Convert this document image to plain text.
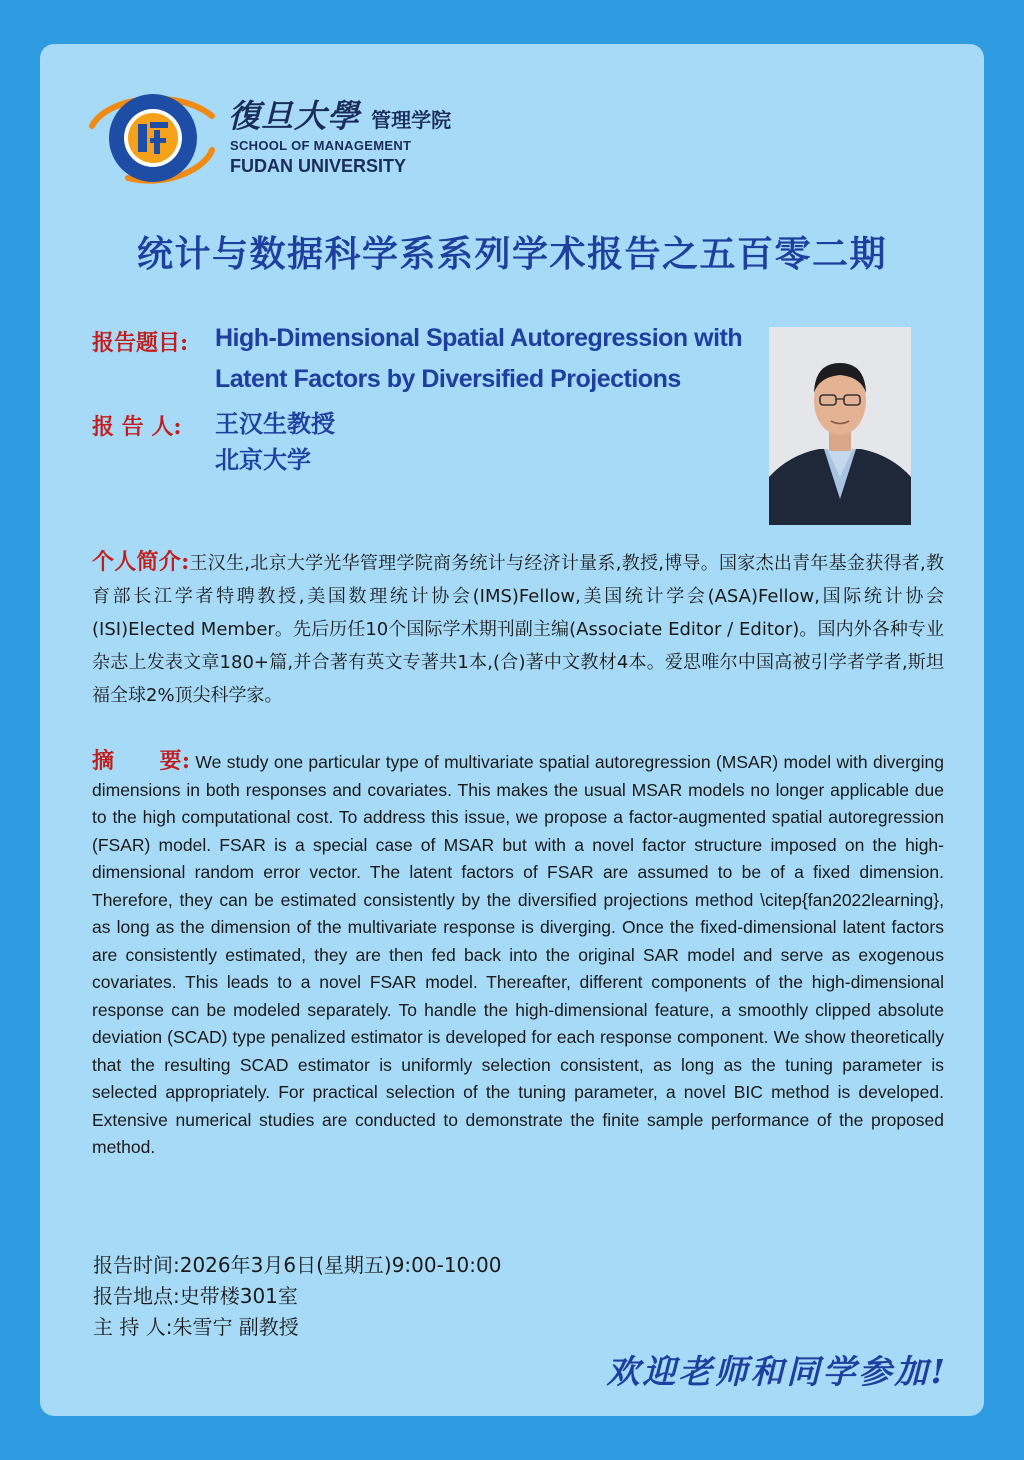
復旦大學 管理学院
SCHOOL OF MANAGEMENT
FUDAN UNIVERSITY
统计与数据科学系系列学术报告之五百零二期
报告题目: High-Dimensional Spatial Autoregression with
Latent Factors by Diversified Projections
报 告 人: 王汉生教授
北京大学
个人简介:王汉生,北京大学光华管理学院商务统计与经济计量系,教授,博导。国家杰出青年基金获得者,教育部长江学者特聘教授,美国数理统计协会(IMS)Fellow,美国统计学会(ASA)Fellow,国际统计协会(ISI)Elected Member。先后历任10个国际学术期刊副主编(Associate Editor / Editor)。国内外各种专业杂志上发表文章180+篇,并合著有英文专著共1本,(合)著中文教材4本。爱思唯尔中国高被引学者学者,斯坦福全球2%顶尖科学家。
摘　　要: We study one particular type of multivariate spatial autoregression (MSAR) model with diverging dimensions in both responses and covariates. This makes the usual MSAR models no longer applicable due to the high computational cost. To address this issue, we propose a factor-augmented spatial autoregression (FSAR) model. FSAR is a special case of MSAR but with a novel factor structure imposed on the high-dimensional random error vector. The latent factors of FSAR are assumed to be of a fixed dimension. Therefore, they can be estimated consistently by the diversified projections method \citep{fan2022learning}, as long as the dimension of the multivariate response is diverging. Once the fixed-dimensional latent factors are consistently estimated, they are then fed back into the original SAR model and serve as exogenous covariates. This leads to a novel FSAR model. Thereafter, different components of the high-dimensional response can be modeled separately. To handle the high-dimensional feature, a smoothly clipped absolute deviation (SCAD) type penalized estimator is developed for each response component. We show theoretically that the resulting SCAD estimator is uniformly selection consistent, as long as the tuning parameter is selected appropriately. For practical selection of the tuning parameter, a novel BIC method is developed. Extensive numerical studies are conducted to demonstrate the finite sample performance of the proposed method.
报告时间:2026年3月6日(星期五)9:00-10:00
报告地点:史带楼301室
主 持 人:朱雪宁 副教授
欢迎老师和同学参加!
